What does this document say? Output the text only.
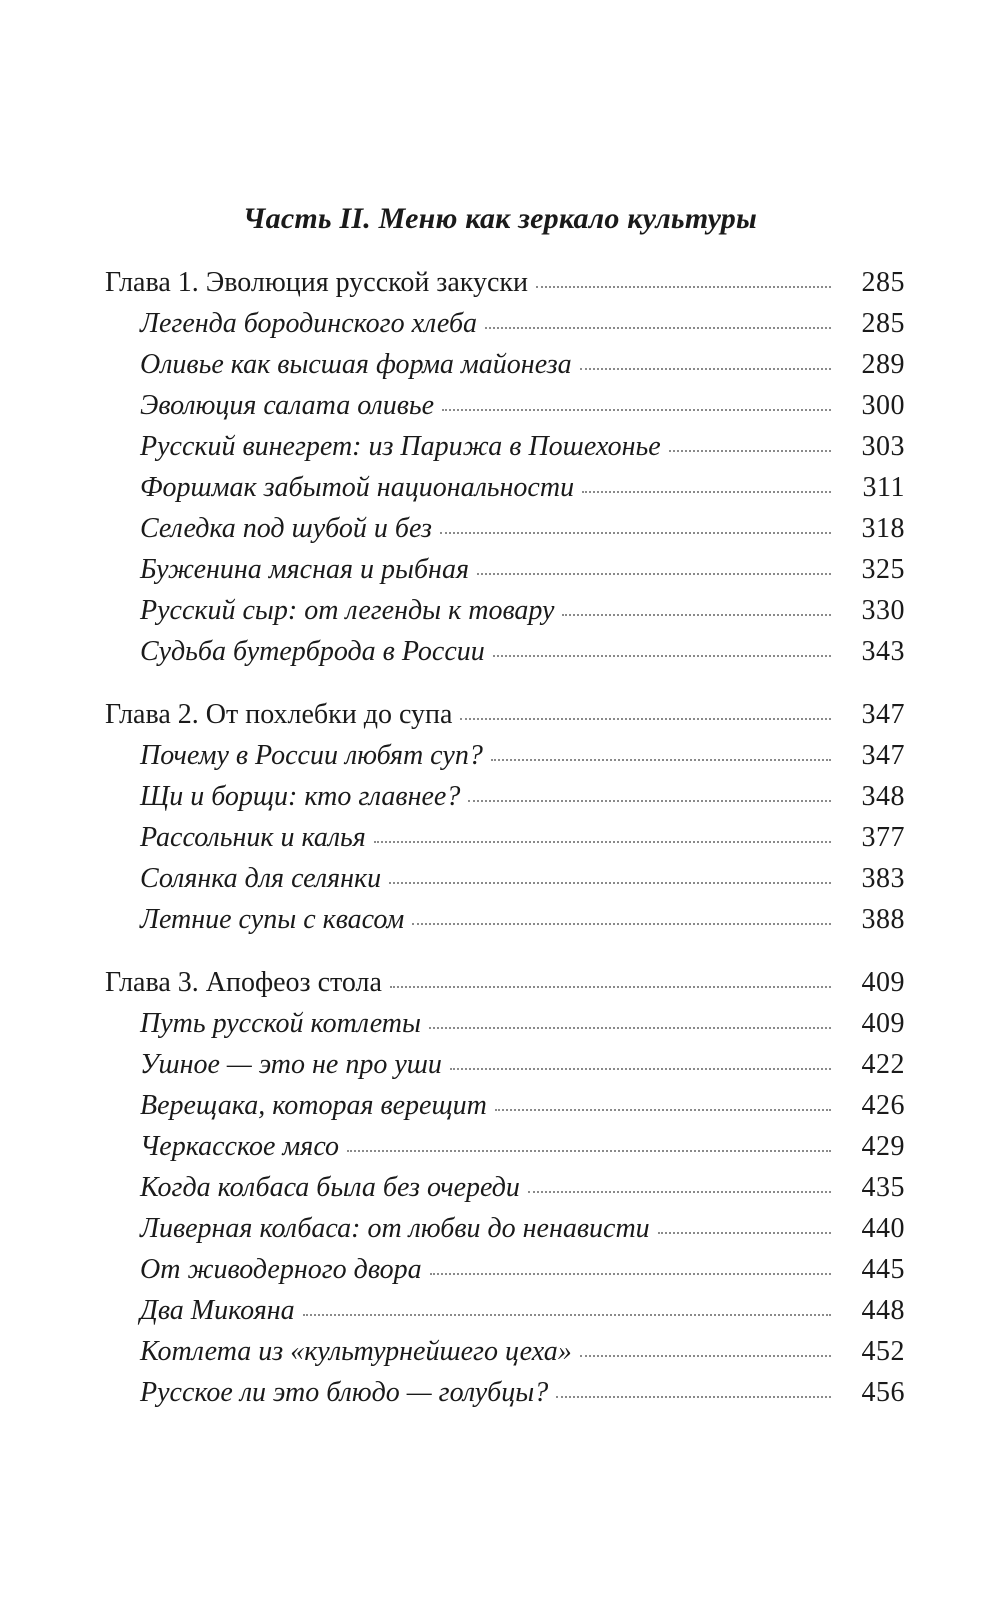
Часть II. Меню как зеркало культуры
Глава 1. Эволюция русской закуски	285
Легенда бородинского хлеба	285
Оливье как высшая форма майонеза	289
Эволюция салата оливье	300
Русский винегрет: из Парижа в Пошехонье	303
Форшмак забытой национальности	311
Селедка под шубой и без	318
Буженина мясная и рыбная	325
Русский сыр: от легенды к товару	330
Судьба бутерброда в России	343
Глава 2. От похлебки до супа	347
Почему в России любят суп?	347
Щи и борщи: кто главнее?	348
Рассольник и калья	377
Солянка для селянки	383
Летние супы с квасом	388
Глава 3. Апофеоз стола	409
Путь русской котлеты	409
Ушное — это не про уши	422
Верещака, которая верещит	426
Черкасское мясо	429
Когда колбаса была без очереди	435
Ливерная колбаса: от любви до ненависти	440
От живодерного двора	445
Два Микояна	448
Котлета из «культурнейшего цеха»	452
Русское ли это блюдо — голубцы?	456
